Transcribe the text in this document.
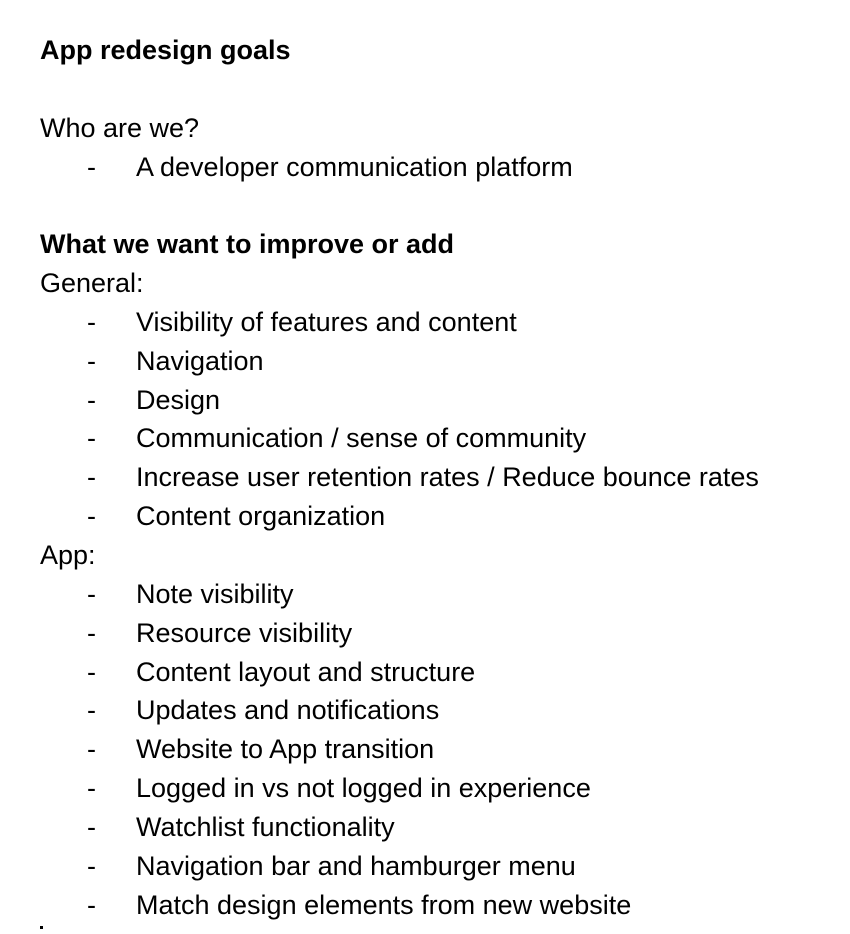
App redesign goals
Who are we?
- A developer communication platform
What we want to improve or add
General:
- Visibility of features and content
- Navigation
- Design
- Communication / sense of community
- Increase user retention rates / Reduce bounce rates
- Content organization
App:
- Note visibility
- Resource visibility
- Content layout and structure
- Updates and notifications
- Website to App transition
- Logged in vs not logged in experience
- Watchlist functionality
- Navigation bar and hamburger menu
- Match design elements from new website
